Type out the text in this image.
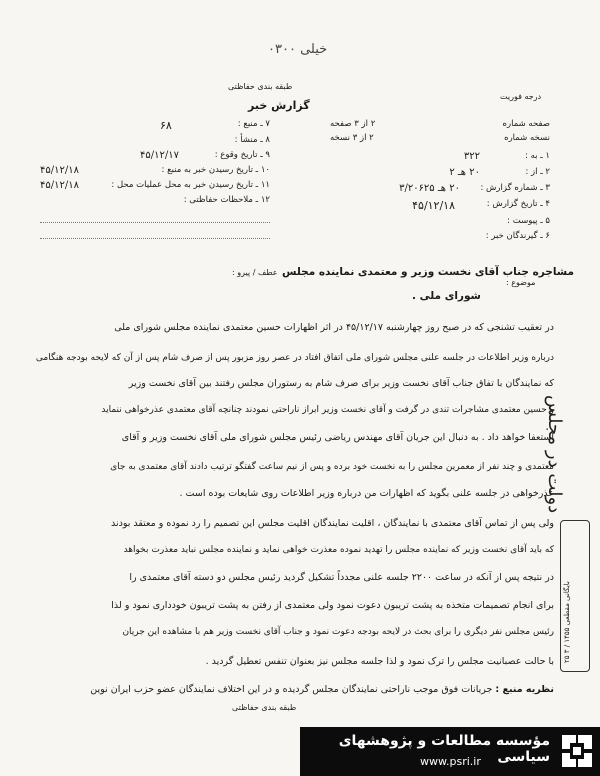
خیلی ۰۳۰۰
طبقه بندی حفاظتی
درجه فوریت
گزارش خبر
۷ ـ منبع :
۶۸
۸ ـ منشأ :
۹ ـ تاریخ وقوع :
۴۵/۱۲/۱۷
۱۰ ـ تاریخ رسیدن خبر به منبع :
۴۵/۱۲/۱۸
۱۱ ـ تاریخ رسیدن خبر به محل عملیات محل :
۴۵/۱۲/۱۸
۱۲ ـ ملاحظات حفاظتی :
صفحه شماره
۲ از ۳ صفحه
نسخه شماره
۲ از ۳ نسخه
۱ ـ به :
۳۲۲
۲ ـ از :
۲۰ هـ ۲
۳ ـ شماره گزارش :
۲۰ هـ ۳/۲۰۶۲۵
۴ ـ تاریخ گزارش :
۴۵/۱۲/۱۸
۵ ـ پیوست :
۶ ـ گیرندگان خبر :
عطف / پیرو :
موضوع :
مشاجره جناب آقای نخست وزیر و معتمدی نماینده مجلس
شورای ملی .
در تعقیب تشنجی که در صبح روز چهارشنبه ۴۵/۱۲/۱۷ در اثر اظهارات حسین معتمدی نماینده مجلس شورای ملی
درباره وزیر اطلاعات در جلسه علنی مجلس شورای ملی اتفاق افتاد در عصر روز مزبور پس از صرف شام پس از آن که لایحه بودجه هنگامی
که نمایندگان با تفاق جناب آقای نخست وزیر برای صرف شام به رستوران مجلس رفتند بین آقای نخست وزیر
و حسین معتمدی مشاجرات تندی در گرفت و آقای نخست وزیر ابراز ناراحتی نمودند چنانچه آقای معتمدی عذرخواهی ننماید
استعفا خواهد داد . به دنبال این جریان آقای مهندس ریاضی رئیس مجلس شورای ملی آقای نخست وزیر و آقای
معتمدی و چند نفر از معمرین مجلس را به نخست خود برده و پس از نیم ساعت گفتگو ترتیب دادند آقای معتمدی به جای
عذرخواهی در جلسه علنی بگوید که اظهارات من درباره وزیر اطلاعات روی شایعات بوده است .
ولی پس از تماس آقای معتمدی با نمایندگان ، اقلیت نمایندگان اقلیت مجلس این تصمیم را رد نموده و معتقد بودند
که باید آقای نخست وزیر که نماینده مجلس را تهدید نموده معذرت خواهی نماید و نماینده مجلس نباید معذرت بخواهد
در نتیجه پس از آنکه در ساعت ۲۲۰۰ جلسه علنی مجدداً تشکیل گردید رئیس مجلس دو دسته آقای معتمدی را
برای انجام تصمیمات متخذه به پشت تریبون دعوت نمود ولی معتمدی از رفتن به پشت تریبون خودداری نمود و لذا
رئیس مجلس نفر دیگری را برای بحث در لایحه بودجه دعوت نمود و جناب آقای نخست وزیر هم با مشاهده این جریان
با حالت عصبانیت مجلس را ترک نمود و لذا جلسه مجلس نیز بعنوان تنفس تعطیل گردید .
نظریه منبع : جریانات فوق موجب ناراحتی نمایندگان مجلس گردیده و در این اختلاف نمایندگان عضو حزب ایران نوین
طبقه بندی حفاظتی
دولت در مجلس
۲۵ ۳ / ۱۴۵۵ بایگانی مقطعی
مؤسسه مطالعات و پژوهشهای سیاسی
www.psri.ir
